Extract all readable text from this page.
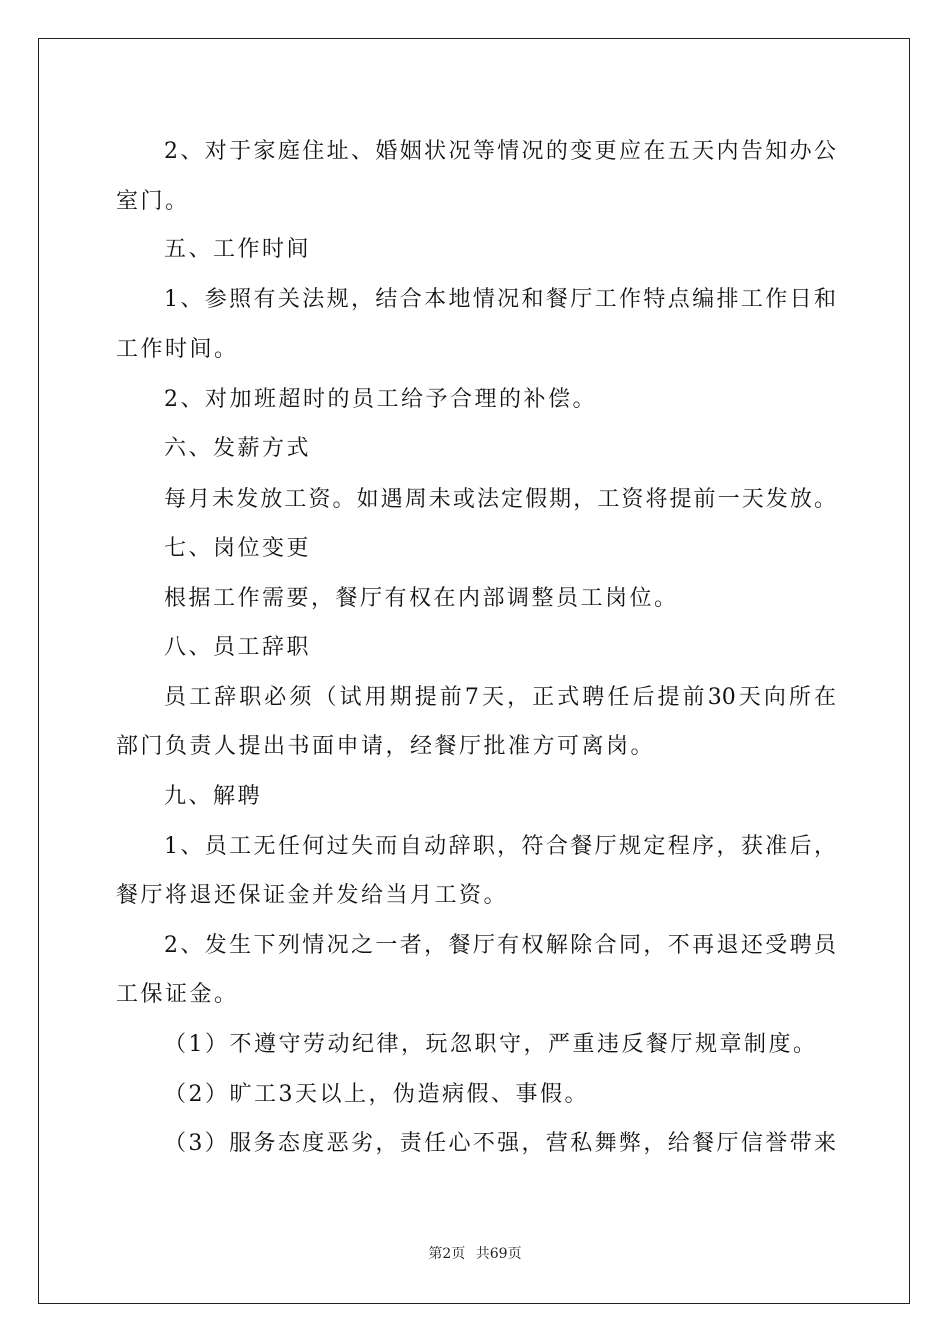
2、对于家庭住址、婚姻状况等情况的变更应在五天内告知办公
室门。
五、工作时间
1、参照有关法规，结合本地情况和餐厅工作特点编排工作日和
工作时间。
2、对加班超时的员工给予合理的补偿。
六、发薪方式
每月未发放工资。如遇周未或法定假期，工资将提前一天发放。
七、岗位变更
根据工作需要，餐厅有权在内部调整员工岗位。
八、员工辞职
员工辞职必须（试用期提前7天，正式聘任后提前30天向所在
部门负责人提出书面申请，经餐厅批准方可离岗。
九、解聘
1、员工无任何过失而自动辞职，符合餐厅规定程序，获准后，
餐厅将退还保证金并发给当月工资。
2、发生下列情况之一者，餐厅有权解除合同，不再退还受聘员
工保证金。
（1）不遵守劳动纪律，玩忽职守，严重违反餐厅规章制度。
（2）旷工3天以上，伪造病假、事假。
（3）服务态度恶劣，责任心不强，营私舞弊，给餐厅信誉带来
第2页 共69页
